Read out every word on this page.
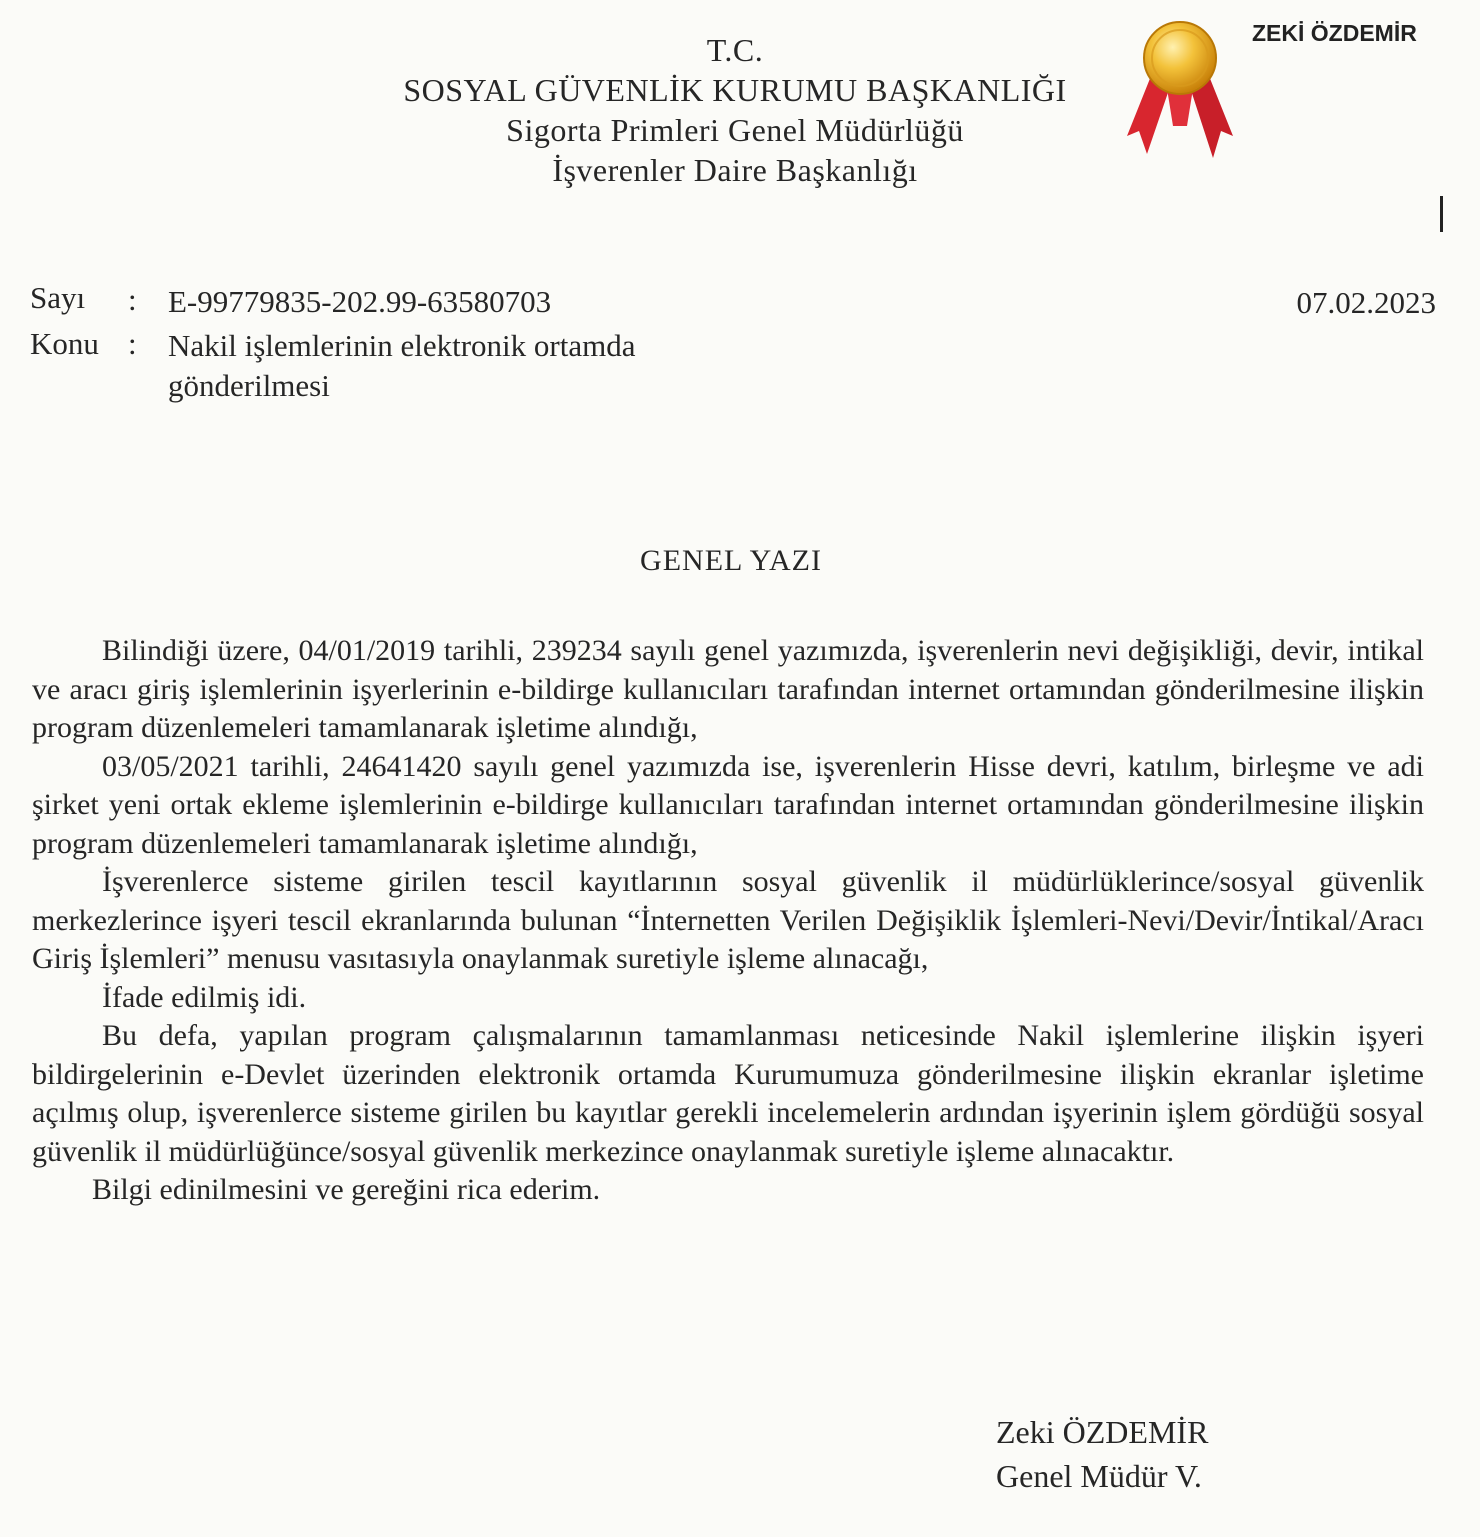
T.C.
SOSYAL GÜVENLİK KURUMU BAŞKANLIĞI
Sigorta Primleri Genel Müdürlüğü
İşverenler Daire Başkanlığı
ZEKİ ÖZDEMİR
Sayı : E-99779835-202.99-63580703
Konu : Nakil işlemlerinin elektronik ortamda
gönderilmesi
07.02.2023
GENEL YAZI

Bilindiği üzere, 04/01/2019 tarihli, 239234 sayılı genel yazımızda, işverenlerin nevi değişikliği, devir, intikal ve aracı giriş işlemlerinin işyerlerinin e-bildirge kullanıcıları tarafından internet ortamından gönderilmesine ilişkin program düzenlemeleri tamamlanarak işletime alındığı,

03/05/2021 tarihli, 24641420 sayılı genel yazımızda ise, işverenlerin Hisse devri, katılım, birleşme ve adi şirket yeni ortak ekleme işlemlerinin e-bildirge kullanıcıları tarafından internet ortamından gönderilmesine ilişkin program düzenlemeleri tamamlanarak işletime alındığı,

İşverenlerce sisteme girilen tescil kayıtlarının sosyal güvenlik il müdürlüklerince/sosyal güvenlik merkezlerince işyeri tescil ekranlarında bulunan “İnternetten Verilen Değişiklik İşlemleri-Nevi/Devir/İntikal/Aracı Giriş İşlemleri” menusu vasıtasıyla onaylanmak suretiyle işleme alınacağı,

İfade edilmiş idi.

Bu defa, yapılan program çalışmalarının tamamlanması neticesinde Nakil işlemlerine ilişkin işyeri bildirgelerinin e-Devlet üzerinden elektronik ortamda Kurumumuza gönderilmesine ilişkin ekranlar işletime açılmış olup, işverenlerce sisteme girilen bu kayıtlar gerekli incelemelerin ardından işyerinin işlem gördüğü sosyal güvenlik il müdürlüğünce/sosyal güvenlik merkezince onaylanmak suretiyle işleme alınacaktır.

Bilgi edinilmesini ve gereğini rica ederim.

Zeki ÖZDEMİR
Genel Müdür V.
